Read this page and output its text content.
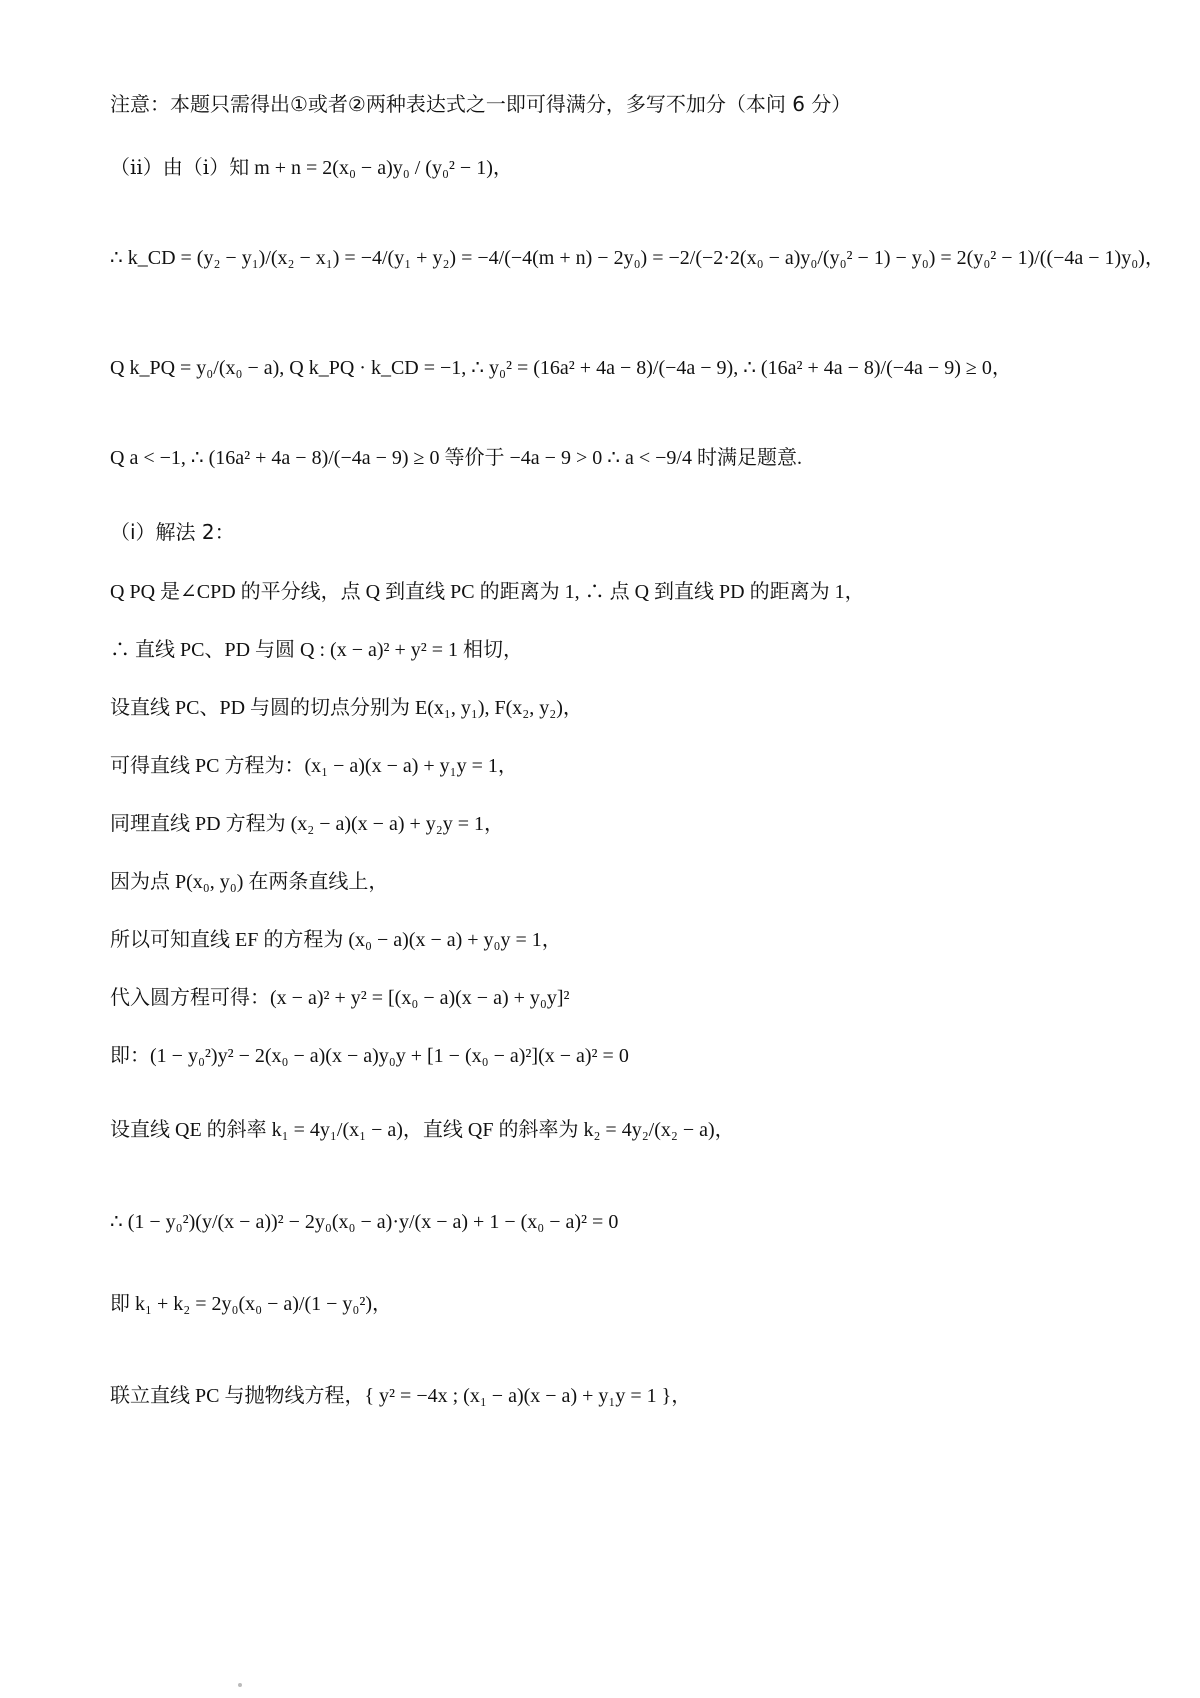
注意：本题只需得出①或者②两种表达式之一即可得满分，多写不加分（本问 6 分）
（ⅱ）由（ⅰ）知 m + n = 2(x₀ − a)y₀ / (y₀² − 1)，
∴ k_CD = (y₂ − y₁)/(x₂ − x₁) = −4/(y₁ + y₂) = −4/(−4(m + n) − 2y₀) = −2/(−2·2(x₀ − a)y₀/(y₀² − 1) − y₀) = 2(y₀² − 1)/((−4a − 1)y₀)，
Q k_PQ = y₀/(x₀ − a), Q k_PQ · k_CD = −1, ∴ y₀² = (16a² + 4a − 8)/(−4a − 9), ∴ (16a² + 4a − 8)/(−4a − 9) ≥ 0，
Q a < −1, ∴ (16a² + 4a − 8)/(−4a − 9) ≥ 0 等价于 −4a − 9 > 0 ∴ a < −9/4 时满足题意.
（ⅰ）解法 2：
Q PQ 是∠CPD 的平分线，点 Q 到直线 PC 的距离为 1, ∴ 点 Q 到直线 PD 的距离为 1，
∴ 直线 PC、PD 与圆 Q : (x − a)² + y² = 1 相切，
设直线 PC、PD 与圆的切点分别为 E(x₁, y₁), F(x₂, y₂)，
可得直线 PC 方程为：(x₁ − a)(x − a) + y₁y = 1，
同理直线 PD 方程为 (x₂ − a)(x − a) + y₂y = 1，
因为点 P(x₀, y₀) 在两条直线上，
所以可知直线 EF 的方程为 (x₀ − a)(x − a) + y₀y = 1，
代入圆方程可得：(x − a)² + y² = [(x₀ − a)(x − a) + y₀y]²
即：(1 − y₀²)y² − 2(x₀ − a)(x − a)y₀y + [1 − (x₀ − a)²](x − a)² = 0
设直线 QE 的斜率 k₁ = 4y₁/(x₁ − a)，直线 QF 的斜率为 k₂ = 4y₂/(x₂ − a)，
∴ (1 − y₀²)(y/(x − a))² − 2y₀(x₀ − a)·y/(x − a) + 1 − (x₀ − a)² = 0
即 k₁ + k₂ = 2y₀(x₀ − a)/(1 − y₀²)，
联立直线 PC 与抛物线方程，{ y² = −4x ; (x₁ − a)(x − a) + y₁y = 1 }，
